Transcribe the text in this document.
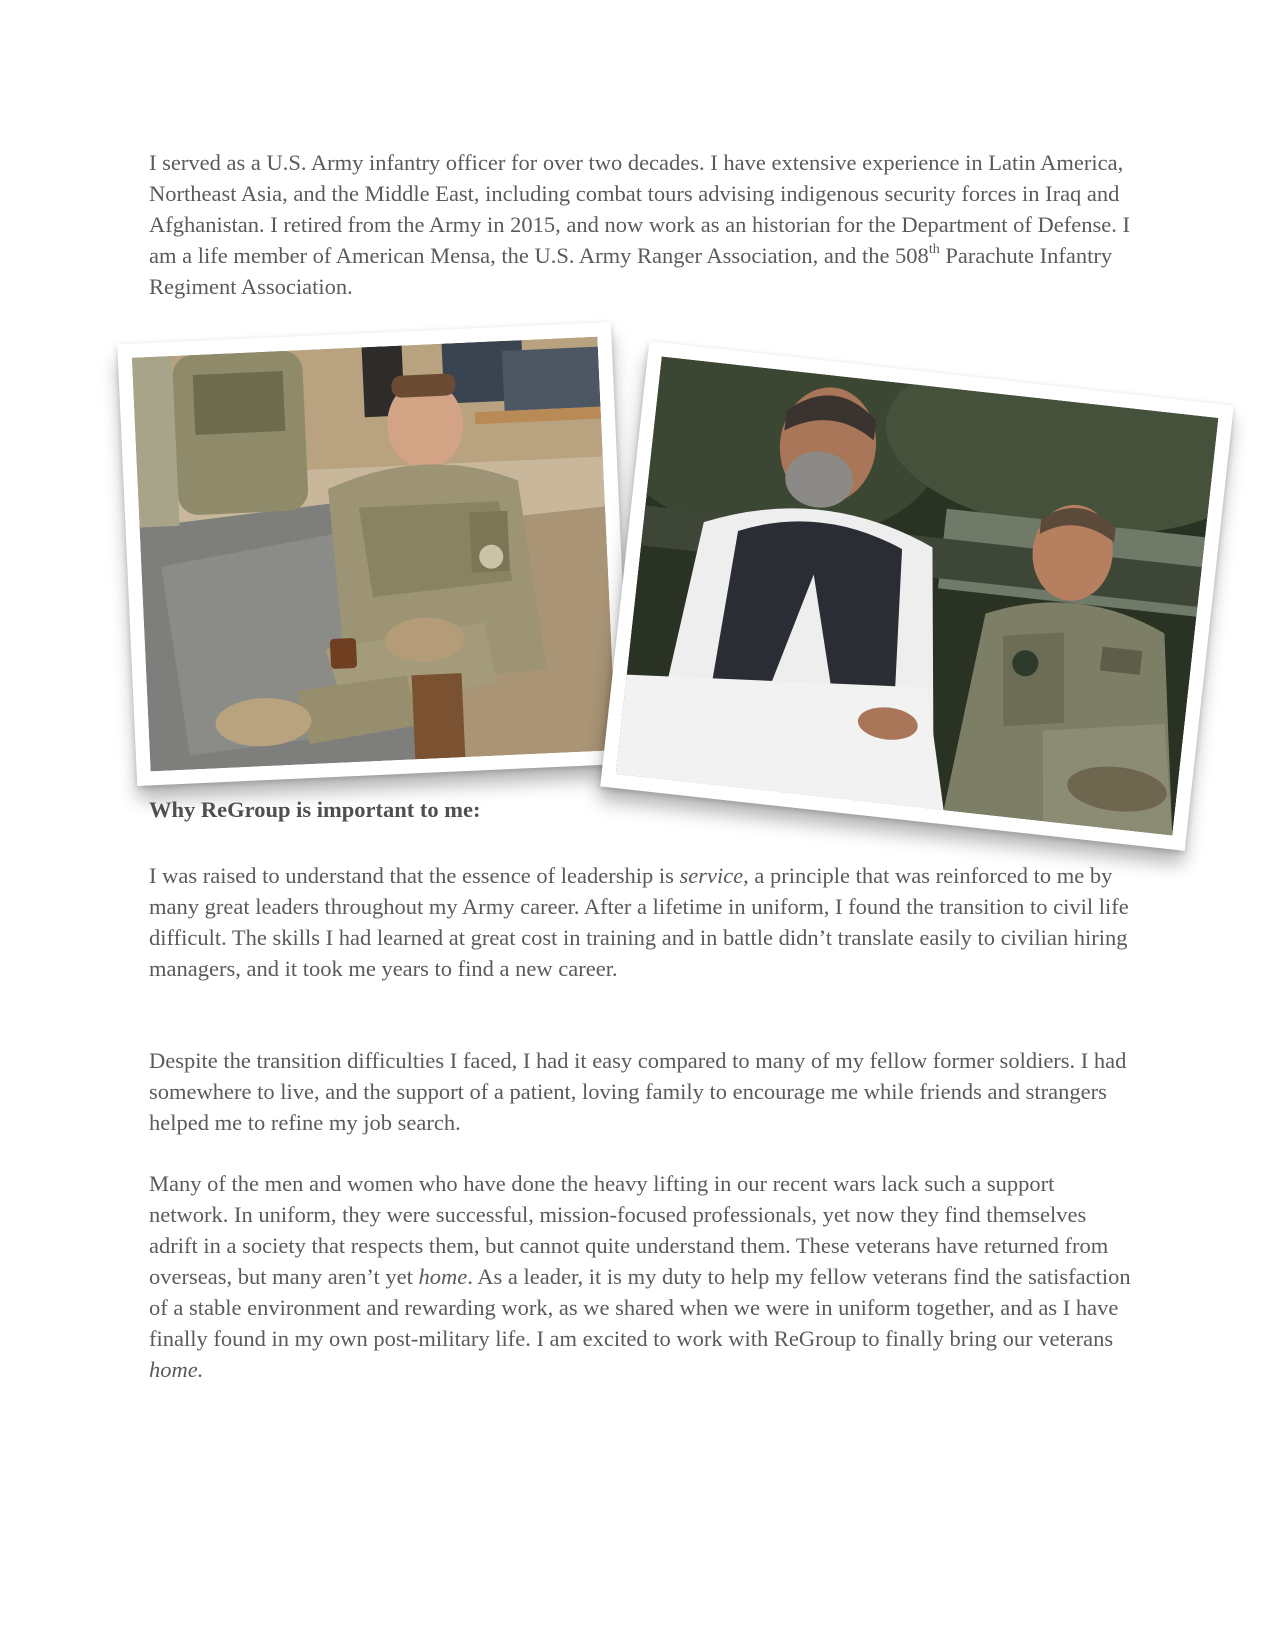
I served as a U.S. Army infantry officer for over two decades. I have extensive experience in Latin America, Northeast Asia, and the Middle East, including combat tours advising indigenous security forces in Iraq and Afghanistan. I retired from the Army in 2015, and now work as an historian for the Department of Defense. I am a life member of American Mensa, the U.S. Army Ranger Association, and the 508th Parachute Infantry Regiment Association.

Why ReGroup is important to me:

I was raised to understand that the essence of leadership is service, a principle that was reinforced to me by many great leaders throughout my Army career. After a lifetime in uniform, I found the transition to civil life difficult. The skills I had learned at great cost in training and in battle didn’t translate easily to civilian hiring managers, and it took me years to find a new career.

Despite the transition difficulties I faced, I had it easy compared to many of my fellow former soldiers. I had somewhere to live, and the support of a patient, loving family to encourage me while friends and strangers helped me to refine my job search.

Many of the men and women who have done the heavy lifting in our recent wars lack such a support network. In uniform, they were successful, mission-focused professionals, yet now they find themselves adrift in a society that respects them, but cannot quite understand them. These veterans have returned from overseas, but many aren’t yet home. As a leader, it is my duty to help my fellow veterans find the satisfaction of a stable environment and rewarding work, as we shared when we were in uniform together, and as I have finally found in my own post-military life. I am excited to work with ReGroup to finally bring our veterans home.
